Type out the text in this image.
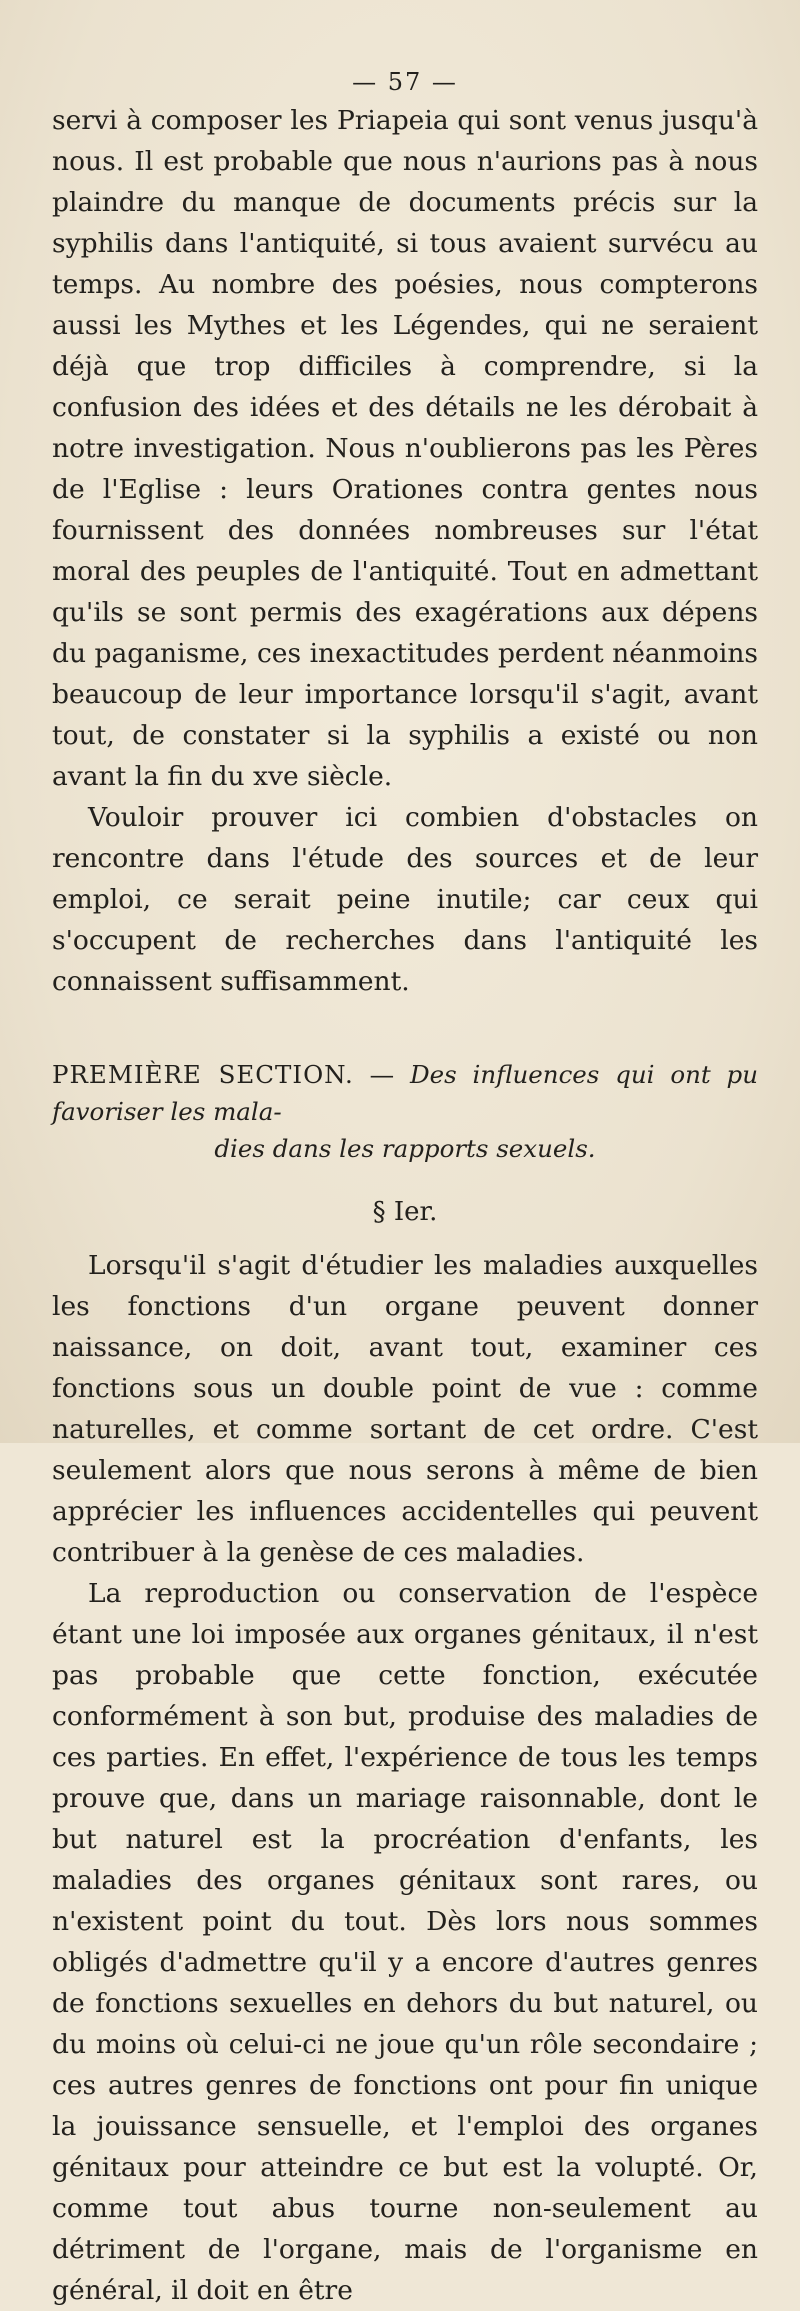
— 57 —

servi à composer les Priapeia qui sont venus jusqu'à nous. Il est probable que nous n'aurions pas à nous plaindre du manque de documents précis sur la syphilis dans l'antiquité, si tous avaient survécu au temps. Au nombre des poésies, nous compterons aussi les Mythes et les Légendes, qui ne seraient déjà que trop difficiles à comprendre, si la confusion des idées et des détails ne les dérobait à notre investigation. Nous n'oublierons pas les Pères de l'Eglise : leurs Orationes contra gentes nous fournissent des données nombreuses sur l'état moral des peuples de l'antiquité. Tout en admettant qu'ils se sont permis des exagérations aux dépens du paganisme, ces inexactitudes perdent néanmoins beaucoup de leur importance lorsqu'il s'agit, avant tout, de constater si la syphilis a existé ou non avant la fin du xve siècle.

Vouloir prouver ici combien d'obstacles on rencontre dans l'étude des sources et de leur emploi, ce serait peine inutile; car ceux qui s'occupent de recherches dans l'antiquité les connaissent suffisamment.

PREMIÈRE SECTION. — Des influences qui ont pu favoriser les mala-
dies dans les rapports sexuels.

§ Ier.

Lorsqu'il s'agit d'étudier les maladies auxquelles les fonctions d'un organe peuvent donner naissance, on doit, avant tout, examiner ces fonctions sous un double point de vue : comme naturelles, et comme sortant de cet ordre. C'est seulement alors que nous serons à même de bien apprécier les influences accidentelles qui peuvent contribuer à la genèse de ces maladies.

La reproduction ou conservation de l'espèce étant une loi imposée aux organes génitaux, il n'est pas probable que cette fonction, exécutée conformément à son but, produise des maladies de ces parties. En effet, l'expérience de tous les temps prouve que, dans un mariage raisonnable, dont le but naturel est la procréation d'enfants, les maladies des organes génitaux sont rares, ou n'existent point du tout. Dès lors nous sommes obligés d'admettre qu'il y a encore d'autres genres de fonctions sexuelles en dehors du but naturel, ou du moins où celui-ci ne joue qu'un rôle secondaire ; ces autres genres de fonctions ont pour fin unique la jouissance sensuelle, et l'emploi des organes génitaux pour atteindre ce but est la volupté. Or, comme tout abus tourne non-seulement au détriment de l'organe, mais de l'organisme en général, il doit en être
